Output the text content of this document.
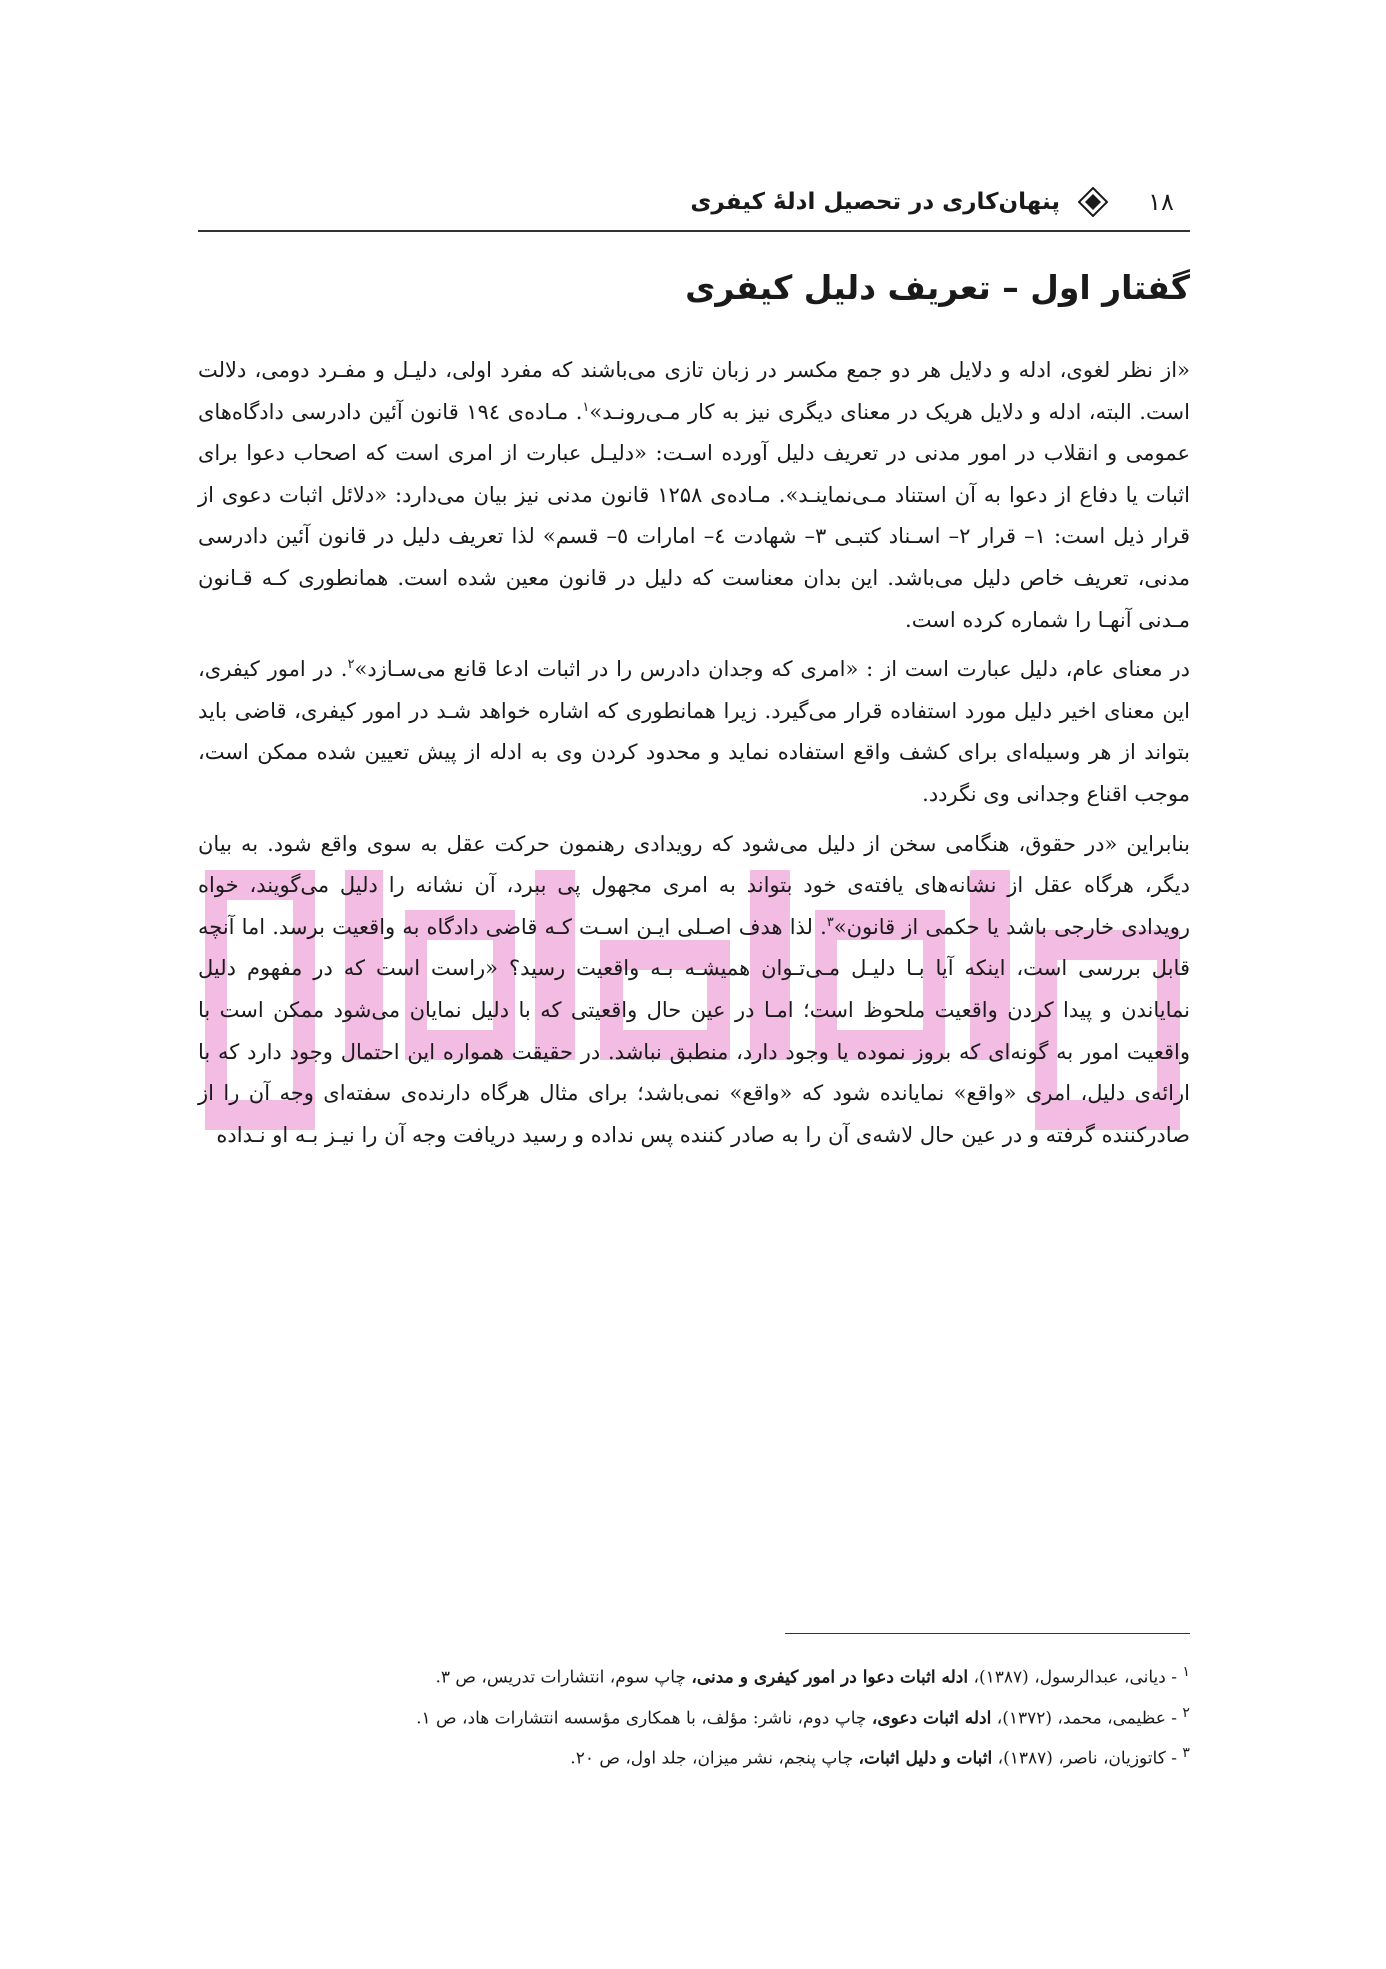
۱۸
پنهان‌کاری در تحصیل ادلهٔ کیفری
گفتار اول – تعریف دلیل کیفری

«از نظر لغوی، ادله و دلایل هر دو جمع مکسر در زبان تازی می‌باشند که مفرد اولی، دلیـل و مفـرد دومی، دلالت است. البته، ادله و دلایل هریک در معنای دیگری نیز به کار مـی‌رونـد»$^۱$. مـاده‌ی ۱۹٤ قانون آئین دادرسی دادگاه‌های عمومی و انقلاب در امور مدنی در تعریف دلیل آورده اسـت: «دلیـل عبارت از امری است که اصحاب دعوا برای اثبات یا دفاع از دعوا به آن استناد مـی‌نماینـد». مـاده‌ی ۱۲۵۸ قانون مدنی نیز بیان می‌دارد: «دلائل اثبات دعوی از قرار ذیل است: ۱– قرار ۲– اسـناد کتبـی ۳– شهادت ٤– امارات ٥– قسم» لذا تعریف دلیل در قانون آئین دادرسی مدنی، تعریف خاص دلیل می‌باشد. این بدان معناست که دلیل در قانون معین شده است. همانطوری کـه قـانون مـدنی آنهـا را شماره کرده است.

در معنای عام، دلیل عبارت است از : «امری که وجدان دادرس را در اثبات ادعا قانع می‌سـازد»$^۲$. در امور کیفری، این معنای اخیر دلیل مورد استفاده قرار می‌گیرد. زیرا همانطوری که اشاره خواهد شـد در امور کیفری، قاضی باید بتواند از هر وسیله‌ای برای کشف واقع استفاده نماید و محدود کردن وی به ادله از پیش تعیین شده ممکن است، موجب اقناع وجدانی وی نگردد.

بنابراین «در حقوق، هنگامی سخن از دلیل می‌شود که رویدادی رهنمون حرکت عقل به سوی واقع شود. به بیان دیگر، هرگاه عقل از نشانه‌های یافته‌ی خود بتواند به امری مجهول پی ببرد، آن نشانه را دلیل می‌گویند، خواه رویدادی خارجی باشد یا حکمی از قانون»$^۳$. لذا هدف اصـلی ایـن اسـت کـه قاضی دادگاه به واقعیت برسد. اما آنچه قابل بررسی است، اینکه آیا بـا دلیـل مـی‌تـوان همیشـه بـه واقعیت رسید؟ «راست است که در مفهوم دلیل نمایاندن و پیدا کردن واقعیت ملحوظ است؛ امـا در عین حال واقعیتی که با دلیل نمایان می‌شود ممکن است با واقعیت امور به گونه‌ای که بروز نموده یا وجود دارد، منطبق نباشد. در حقیقت همواره این احتمال وجود دارد که با ارائه‌ی دلیل، امری «واقع» نمایانده شود که «واقع» نمی‌باشد؛ برای مثال هرگاه دارنده‌ی سفته‌ای وجه آن را از صادرکننده گرفته و در عین حال لاشه‌ی آن را به صادر کننده پس نداده و رسید دریافت وجه آن را نیـز بـه او نـداده

$^۱$ - دیانی، عبدالرسول، (۱۳۸۷)، ادله اثبات دعوا در امور کیفری و مدنی، چاپ سوم، انتشارات تدریس، ص ۳.

$^۲$ - عظیمی، محمد، (۱۳۷۲)، ادله اثبات دعوی، چاپ دوم، ناشر: مؤلف، با همکاری مؤسسه انتشارات هاد، ص ۱.

$^۳$ - کاتوزیان، ناصر، (۱۳۸۷)، اثبات و دلیل اثبات، چاپ پنجم، نشر میزان، جلد اول، ص ۲۰.
